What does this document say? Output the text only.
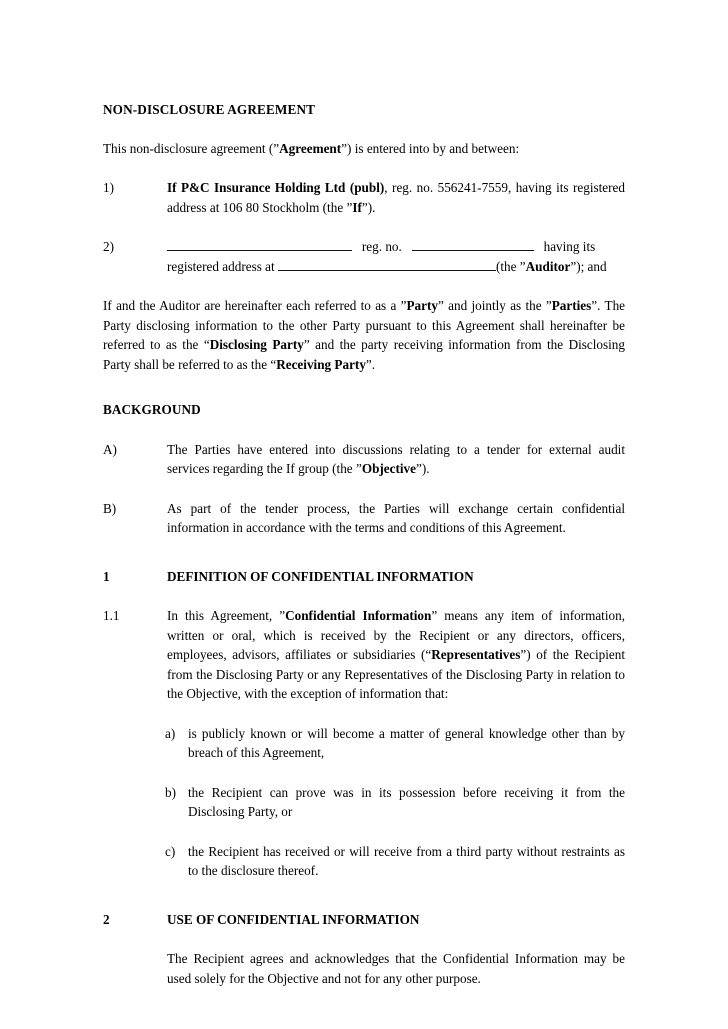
NON-DISCLOSURE AGREEMENT

This non-disclosure agreement (”Agreement”) is entered into by and between:

1)	If P&C Insurance Holding Ltd (publ), reg. no. 556241-7559, having its registered address at 106 80 Stockholm (the ”If”).
2)	reg. no.	having its
registered address at	(the ”Auditor”); and

If and the Auditor are hereinafter each referred to as a ”Party” and jointly as the ”Parties”. The Party disclosing information to the other Party pursuant to this Agreement shall hereinafter be referred to as the “Disclosing Party” and the party receiving information from the Disclosing Party shall be referred to as the “Receiving Party”.

BACKGROUND
A)	The Parties have entered into discussions relating to a tender for external audit services regarding the If group (the ”Objective”).
B)	As part of the tender process, the Parties will exchange certain confidential information in accordance with the terms and conditions of this Agreement.
1	DEFINITION OF CONFIDENTIAL INFORMATION
1.1	In this Agreement, ”Confidential Information” means any item of information, written or oral, which is received by the Recipient or any directors, officers, employees, advisors, affiliates or subsidiaries (“Representatives”) of the Recipient from the Disclosing Party or any Representatives of the Disclosing Party in relation to the Objective, with the exception of information that:
a) is publicly known or will become a matter of general knowledge other than by breach of this Agreement,
b) the Recipient can prove was in its possession before receiving it from the Disclosing Party, or
c) the Recipient has received or will receive from a third party without restraints as to the disclosure thereof.
2	USE OF CONFIDENTIAL INFORMATION
The Recipient agrees and acknowledges that the Confidential Information may be used solely for the Objective and not for any other purpose.
